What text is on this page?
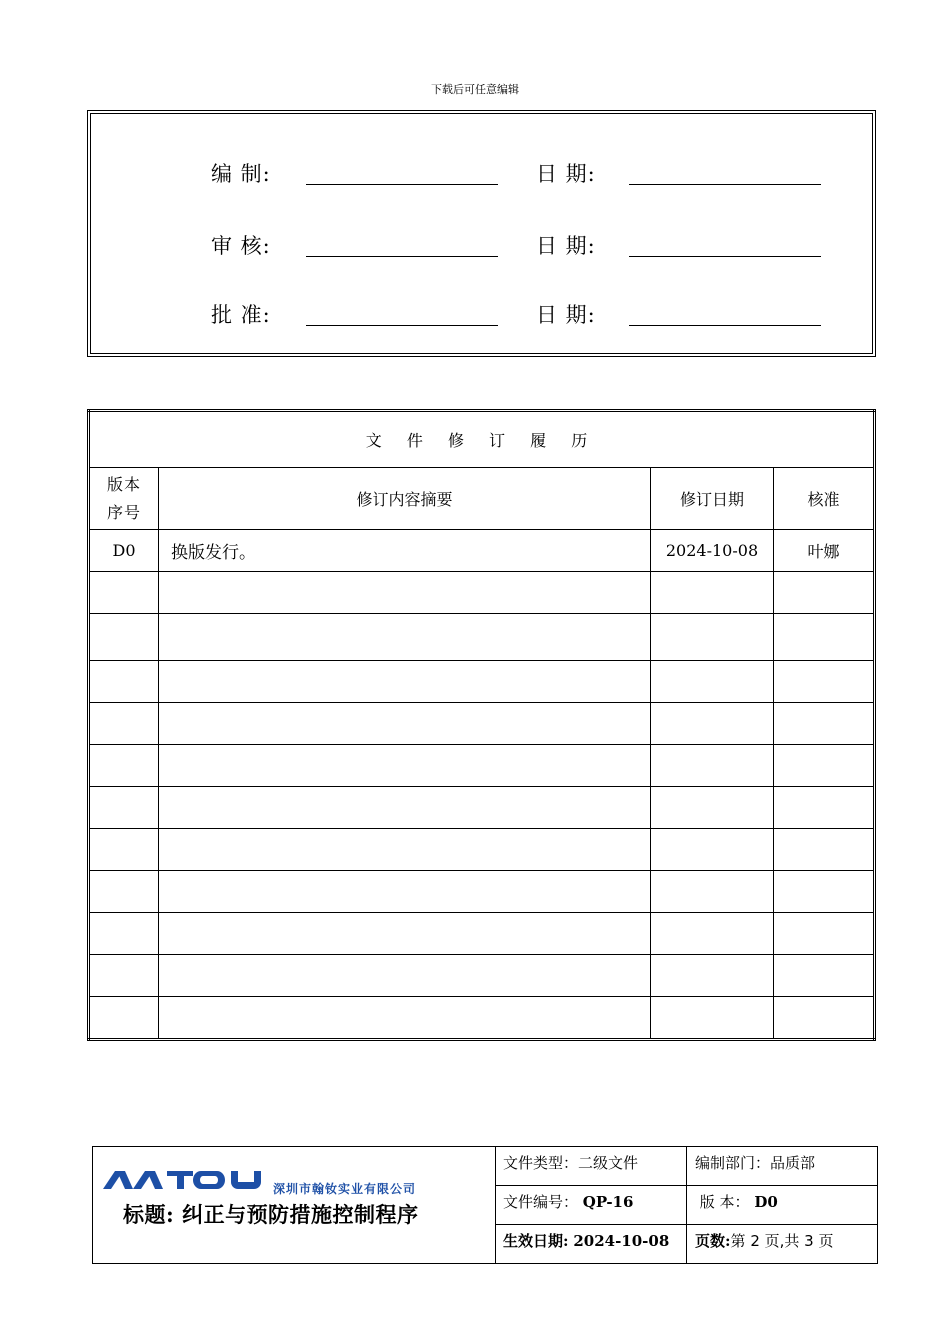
下载后可任意编辑
编 制:	日 期:
审 核:	日 期:
批 准:	日 期:
文 件 修 订 履 历			

版本
序号	修订内容摘要	修订日期	核准
D0	换版发行。	2024-10-08	叶娜

深圳市翰钕实业有限公司
标题: 纠正与预防措施控制程序
文件类型：二级文件	编制部门：品质部
文件编号： QP-16	版 本： D0
生效日期: 2024-10-08	页数:第 2 页,共 3 页
